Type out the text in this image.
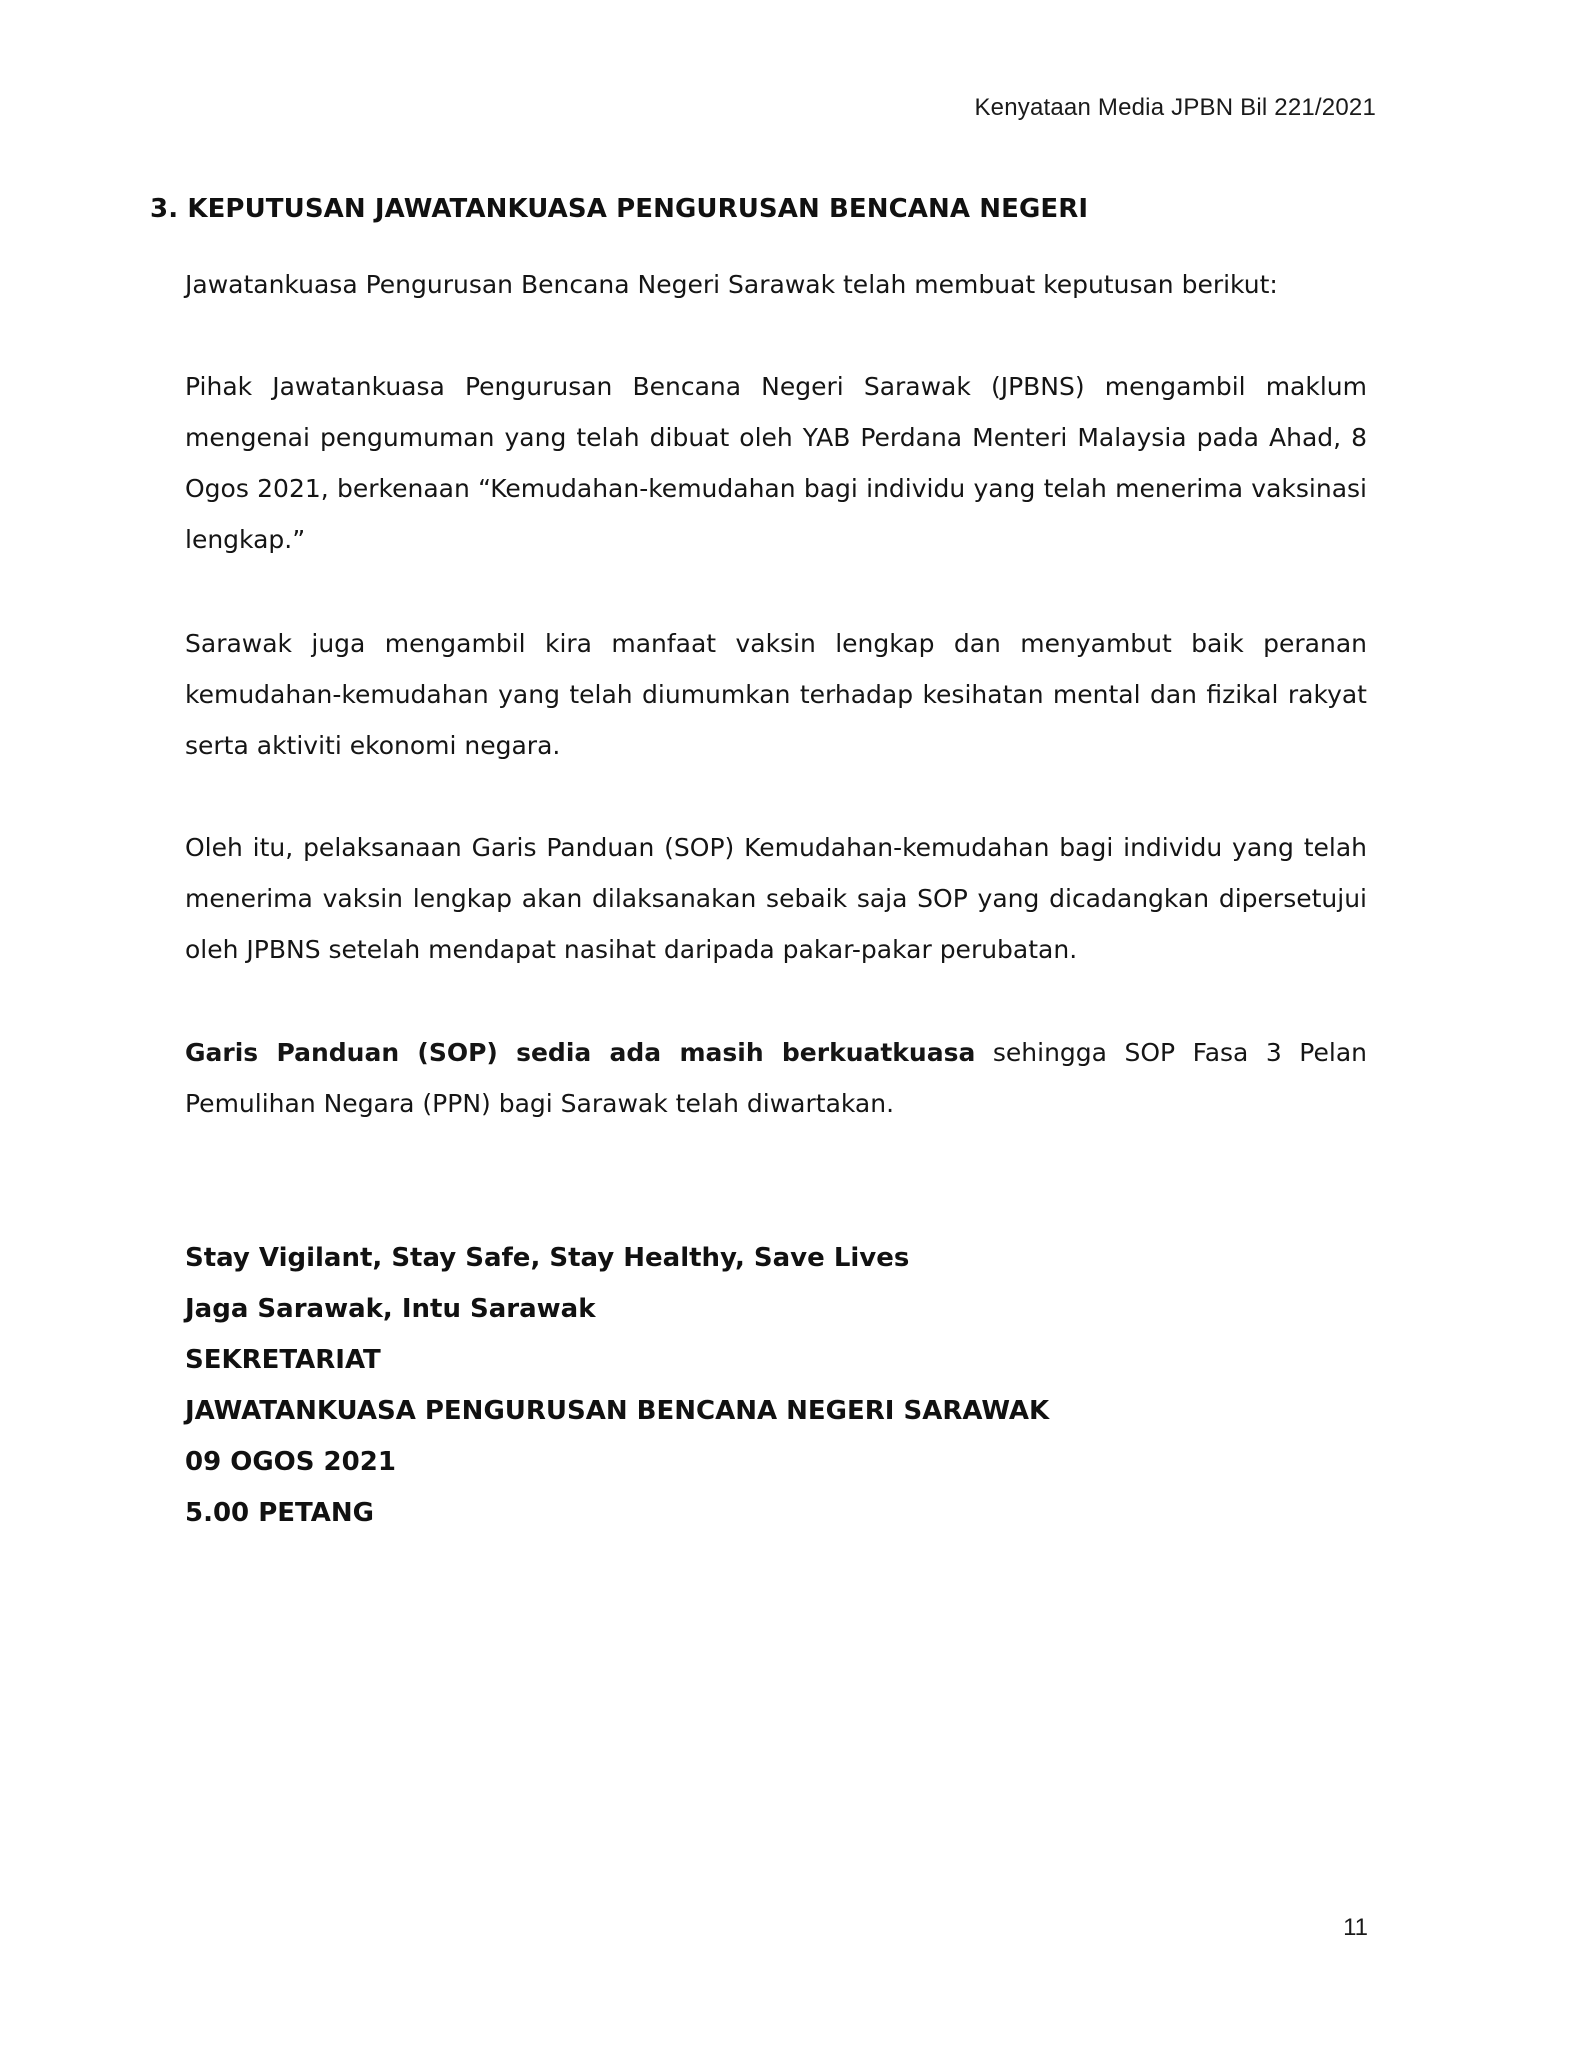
Kenyataan Media JPBN Bil 221/2021
3. KEPUTUSAN JAWATANKUASA PENGURUSAN BENCANA NEGERI
Jawatankuasa Pengurusan Bencana Negeri Sarawak telah membuat keputusan berikut:
Pihak Jawatankuasa Pengurusan Bencana Negeri Sarawak (JPBNS) mengambil maklum mengenai pengumuman yang telah dibuat oleh YAB Perdana Menteri Malaysia pada Ahad, 8 Ogos 2021, berkenaan “Kemudahan-kemudahan bagi individu yang telah menerima vaksinasi lengkap.”
Sarawak juga mengambil kira manfaat vaksin lengkap dan menyambut baik peranan kemudahan-kemudahan yang telah diumumkan terhadap kesihatan mental dan fizikal rakyat serta aktiviti ekonomi negara.
Oleh itu, pelaksanaan Garis Panduan (SOP) Kemudahan-kemudahan bagi individu yang telah menerima vaksin lengkap akan dilaksanakan sebaik saja SOP yang dicadangkan dipersetujui oleh JPBNS setelah mendapat nasihat daripada pakar-pakar perubatan.
Garis Panduan (SOP) sedia ada masih berkuatkuasa sehingga SOP Fasa 3 Pelan Pemulihan Negara (PPN) bagi Sarawak telah diwartakan.
Stay Vigilant, Stay Safe, Stay Healthy, Save Lives
Jaga Sarawak, Intu Sarawak
SEKRETARIAT
JAWATANKUASA PENGURUSAN BENCANA NEGERI SARAWAK
09 OGOS 2021
5.00 PETANG
11
